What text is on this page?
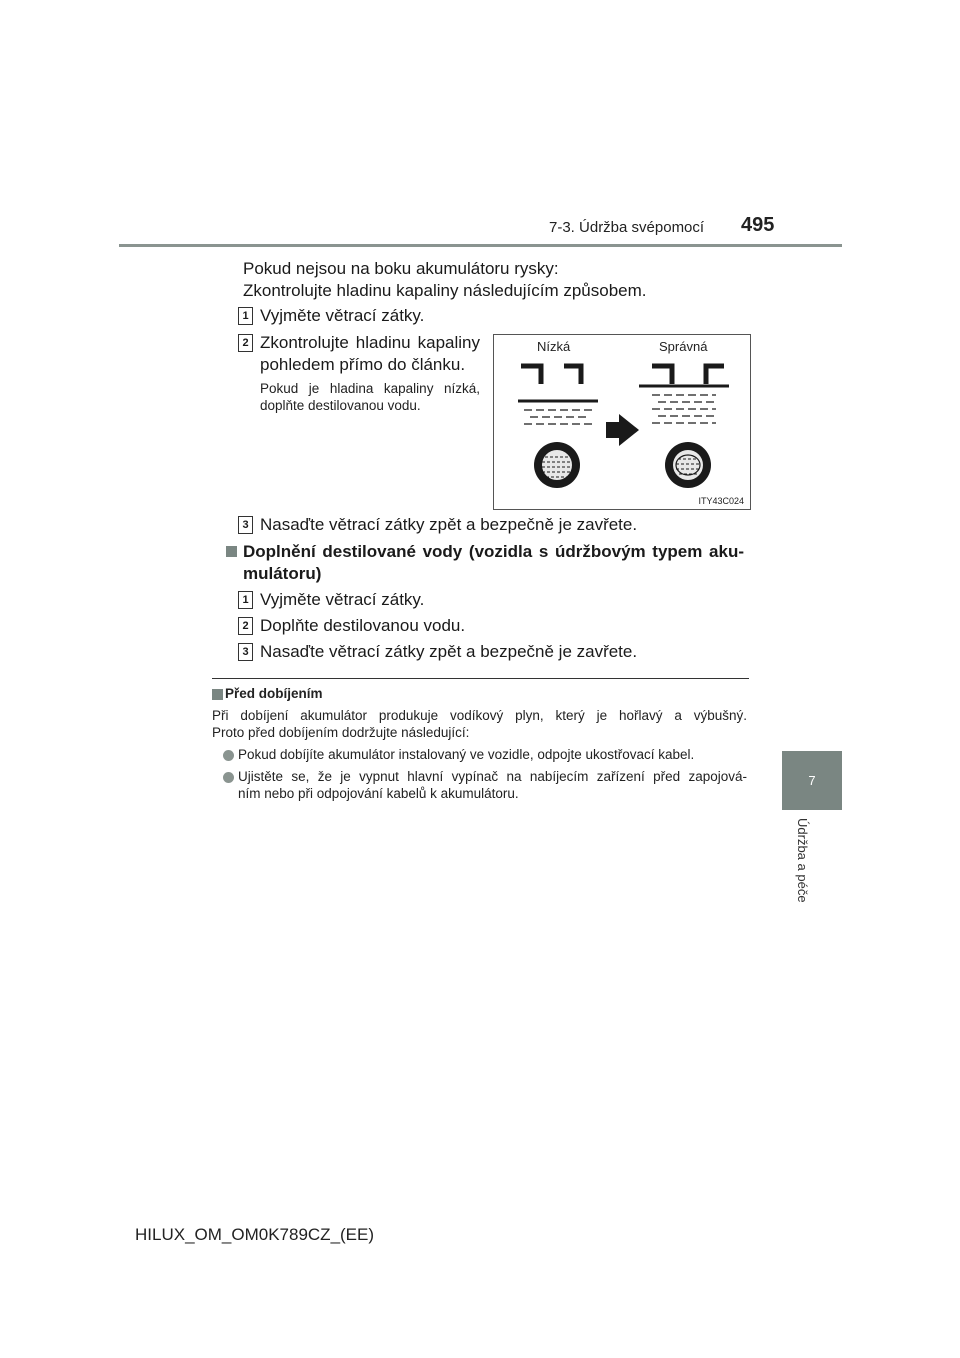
7-3. Údržba svépomocí 495
7
Údržba a péče
Pokud nejsou na boku akumulátoru rysky:
Zkontrolujte hladinu kapaliny následujícím způsobem.
1 Vyjměte větrací zátky.
2 Zkontrolujte hladinu kapaliny
pohledem přímo do článku.
Pokud je hladina kapaliny nízká,
doplňte destilovanou vodu.
Nízká	Správná
ITY43C024
3 Nasaďte větrací zátky zpět a bezpečně je zavřete.
Doplnění destilované vody (vozidla s údržbovým typem aku-
mulátoru)
1 Vyjměte větrací zátky.
2 Doplňte destilovanou vodu.
3 Nasaďte větrací zátky zpět a bezpečně je zavřete.
Před dobíjením
Při dobíjení akumulátor produkuje vodíkový plyn, který je hořlavý a výbušný.
Proto před dobíjením dodržujte následující:
Pokud dobíjíte akumulátor instalovaný ve vozidle, odpojte ukostřovací kabel.
Ujistěte se, že je vypnut hlavní vypínač na nabíjecím zařízení před zapojová-
ním nebo při odpojování kabelů k akumulátoru.
HILUX_OM_OM0K789CZ_(EE)
